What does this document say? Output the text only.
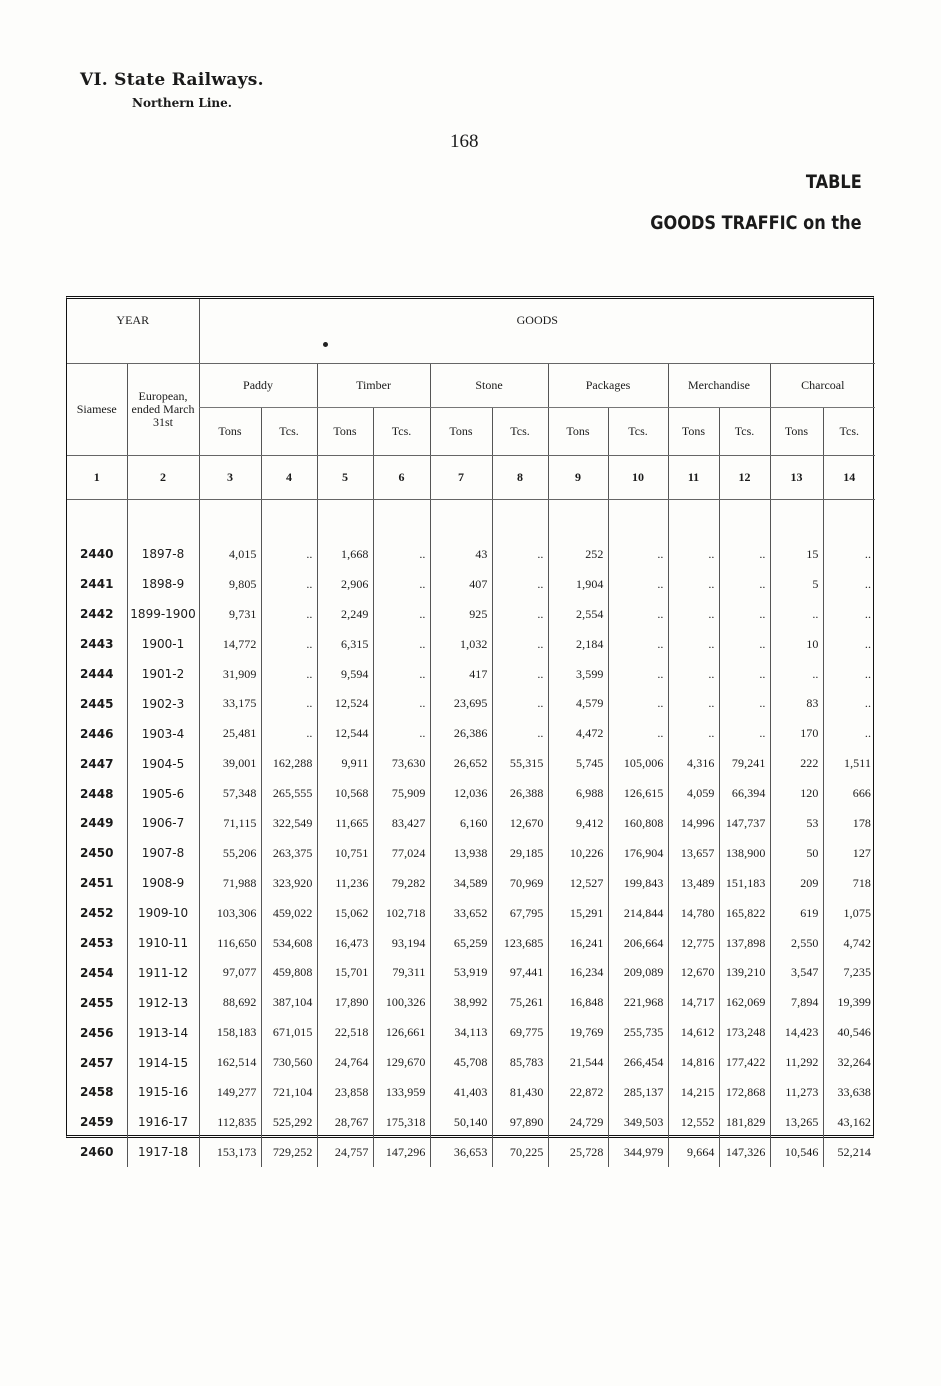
VI. State Railways.
Northern Line.
168
TABLE
GOODS TRAFFIC on the
YEAR		GOODS											
Siamese	European, ended March 31st	Paddy		Timber		Stone		Packages		Merchandise		Charcoal	
		Tons	Tcs.	Tons	Tcs.	Tons	Tcs.	Tons	Tcs.	Tons	Tcs.	Tons	Tcs.
1	2	3	4	5	6	7	8	9	10	11	12	13	14

2440	1897-8	4,015	..	1,668	..	43	..	252	..	..	..	15	..
2441	1898-9	9,805	..	2,906	..	407	..	1,904	..	..	..	5	..
2442	1899-1900	9,731	..	2,249	..	925	..	2,554	..	..	..	..	..
2443	1900-1	14,772	..	6,315	..	1,032	..	2,184	..	..	..	10	..
2444	1901-2	31,909	..	9,594	..	417	..	3,599	..	..	..	..	..
2445	1902-3	33,175	..	12,524	..	23,695	..	4,579	..	..	..	83	..
2446	1903-4	25,481	..	12,544	..	26,386	..	4,472	..	..	..	170	..
2447	1904-5	39,001	162,288	9,911	73,630	26,652	55,315	5,745	105,006	4,316	79,241	222	1,511
2448	1905-6	57,348	265,555	10,568	75,909	12,036	26,388	6,988	126,615	4,059	66,394	120	666
2449	1906-7	71,115	322,549	11,665	83,427	6,160	12,670	9,412	160,808	14,996	147,737	53	178
2450	1907-8	55,206	263,375	10,751	77,024	13,938	29,185	10,226	176,904	13,657	138,900	50	127
2451	1908-9	71,988	323,920	11,236	79,282	34,589	70,969	12,527	199,843	13,489	151,183	209	718
2452	1909-10	103,306	459,022	15,062	102,718	33,652	67,795	15,291	214,844	14,780	165,822	619	1,075
2453	1910-11	116,650	534,608	16,473	93,194	65,259	123,685	16,241	206,664	12,775	137,898	2,550	4,742
2454	1911-12	97,077	459,808	15,701	79,311	53,919	97,441	16,234	209,089	12,670	139,210	3,547	7,235
2455	1912-13	88,692	387,104	17,890	100,326	38,992	75,261	16,848	221,968	14,717	162,069	7,894	19,399
2456	1913-14	158,183	671,015	22,518	126,661	34,113	69,775	19,769	255,735	14,612	173,248	14,423	40,546
2457	1914-15	162,514	730,560	24,764	129,670	45,708	85,783	21,544	266,454	14,816	177,422	11,292	32,264
2458	1915-16	149,277	721,104	23,858	133,959	41,403	81,430	22,872	285,137	14,215	172,868	11,273	33,638
2459	1916-17	112,835	525,292	28,767	175,318	50,140	97,890	24,729	349,503	12,552	181,829	13,265	43,162
2460	1917-18	153,173	729,252	24,757	147,296	36,653	70,225	25,728	344,979	9,664	147,326	10,546	52,214
